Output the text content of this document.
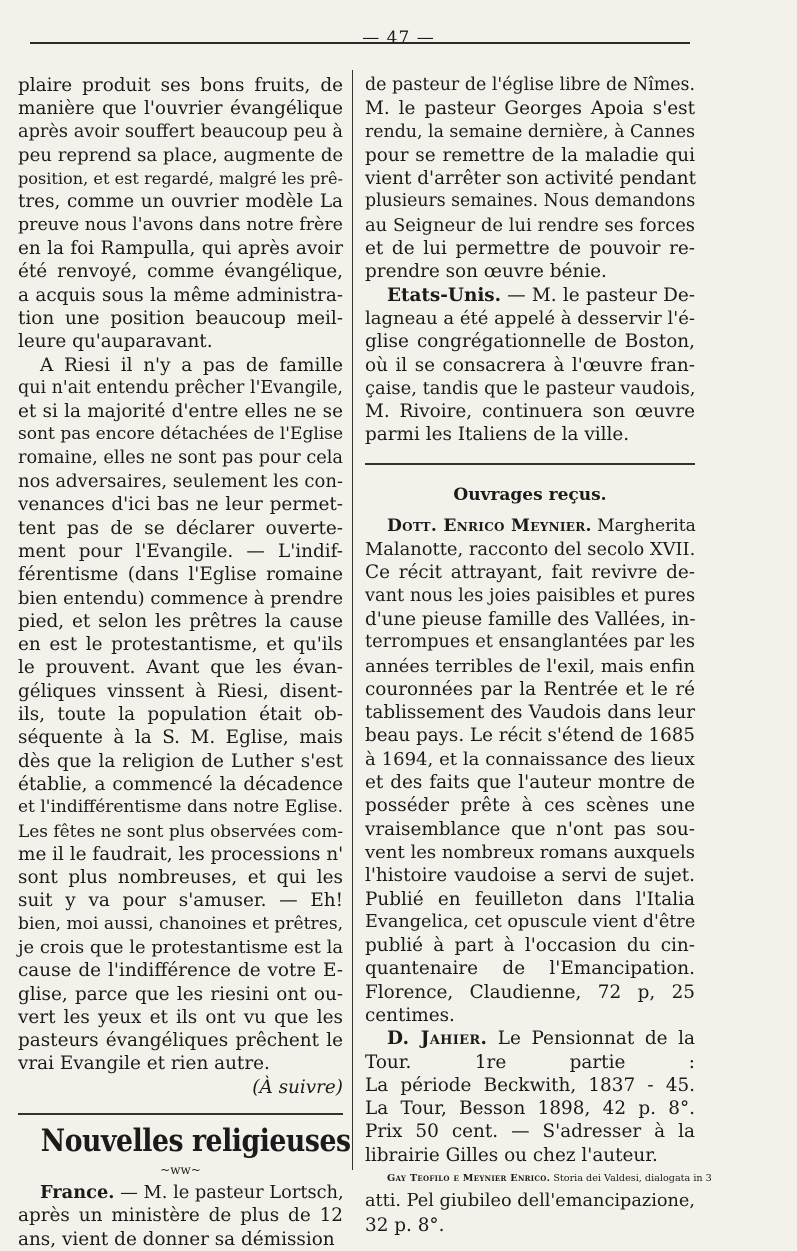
— 47 —
plaire produit ses bons fruits, de
manière que l'ouvrier évangélique
après avoir souffert beaucoup peu à
peu reprend sa place, augmente de
position, et est regardé, malgré les prê-
tres, comme un ouvrier modèle La
preuve nous l'avons dans notre frère
en la foi Rampulla, qui après avoir
été renvoyé, comme évangélique,
a acquis sous la même administra-
tion une position beaucoup meil-
leure qu'auparavant.
A Riesi il n'y a pas de famille
qui n'ait entendu prêcher l'Evangile,
et si la majorité d'entre elles ne se
sont pas encore détachées de l'Eglise
romaine, elles ne sont pas pour cela
nos adversaires, seulement les con-
venances d'ici bas ne leur permet-
tent pas de se déclarer ouverte-
ment pour l'Evangile. — L'indif-
férentisme (dans l'Eglise romaine
bien entendu) commence à prendre
pied, et selon les prêtres la cause
en est le protestantisme, et qu'ils
le prouvent. Avant que les évan-
géliques vinssent à Riesi, disent-
ils, toute la population était ob-
séquente à la S. M. Eglise, mais
dès que la religion de Luther s'est
établie, a commencé la décadence
et l'indifférentisme dans notre Eglise.
Les fêtes ne sont plus observées com-
me il le faudrait, les processions n'
sont plus nombreuses, et qui les
suit y va pour s'amuser. — Eh!
bien, moi aussi, chanoines et prêtres,
je crois que le protestantisme est la
cause de l'indifférence de votre E-
glise, parce que les riesini ont ou-
vert les yeux et ils ont vu que les
pasteurs évangéliques prêchent le
vrai Evangile et rien autre.
(À suivre)
Nouvelles religieuses
~ww~
France. — M. le pasteur Lortsch,
après un ministère de plus de 12
ans, vient de donner sa démission
de pasteur de l'église libre de Nîmes.
M. le pasteur Georges Apoia s'est
rendu, la semaine dernière, à Cannes
pour se remettre de la maladie qui
vient d'arrêter son activité pendant
plusieurs semaines. Nous demandons
au Seigneur de lui rendre ses forces
et de lui permettre de pouvoir re-
prendre son œuvre bénie.
Etats-Unis. — M. le pasteur De-
lagneau a été appelé à desservir l'é-
glise congrégationnelle de Boston,
où il se consacrera à l'œuvre fran-
çaise, tandis que le pasteur vaudois,
M. Rivoire, continuera son œuvre
parmi les Italiens de la ville.
Ouvrages reçus.
Dott. Enrico Meynier. Margherita
Malanotte, racconto del secolo XVII.
Ce récit attrayant, fait revivre de-
vant nous les joies paisibles et pures
d'une pieuse famille des Vallées, in-
terrompues et ensanglantées par les
années terribles de l'exil, mais enfin
couronnées par la Rentrée et le ré
tablissement des Vaudois dans leur
beau pays. Le récit s'étend de 1685
à 1694, et la connaissance des lieux
et des faits que l'auteur montre de
posséder prête à ces scènes une
vraisemblance que n'ont pas sou-
vent les nombreux romans auxquels
l'histoire vaudoise a servi de sujet.
Publié en feuilleton dans l'Italia
Evangelica, cet opuscule vient d'être
publié à part à l'occasion du cin-
quantenaire de l'Emancipation.
Florence, Claudienne, 72 p, 25
centimes.
D. Jahier. Le Pensionnat de la
Tour. 1re partie :
La période Beckwith, 1837 - 45.
La Tour, Besson 1898, 42 p. 8°.
Prix 50 cent. — S'adresser à la
librairie Gilles ou chez l'auteur.
Gay Teofilo e Meynier Enrico. Storia dei Valdesi, dialogata in 3
atti. Pel giubileo dell'emancipazione,
32 p. 8°.
